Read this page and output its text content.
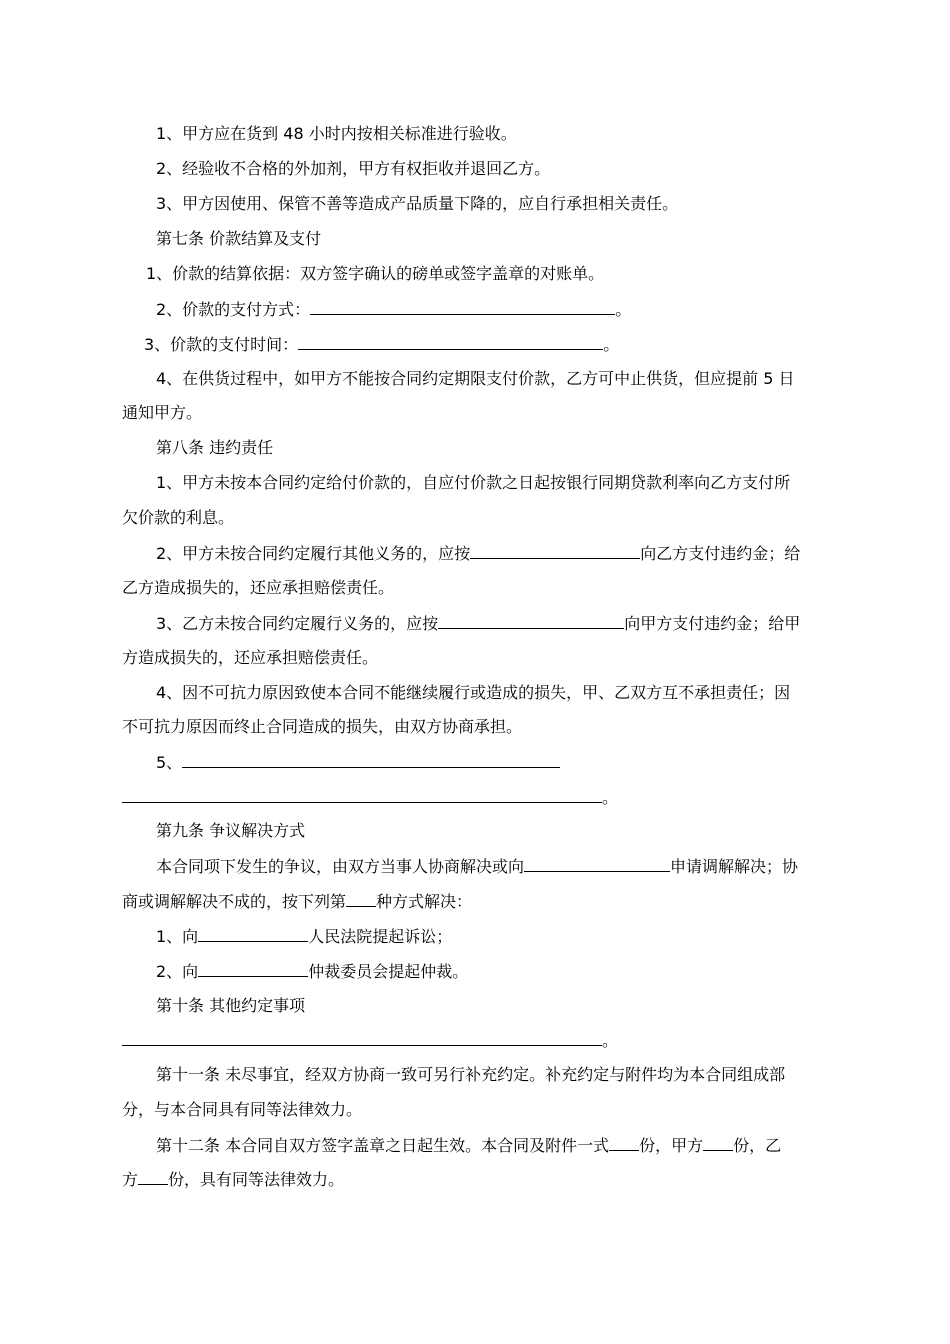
1、甲方应在货到 48 小时内按相关标准进行验收。
2、经验收不合格的外加剂，甲方有权拒收并退回乙方。
3、甲方因使用、保管不善等造成产品质量下降的，应自行承担相关责任。
第七条 价款结算及支付
1、价款的结算依据：双方签字确认的磅单或签字盖章的对账单。
2、价款的支付方式：	。
3、价款的支付时间：	。
4、在供货过程中，如甲方不能按合同约定期限支付价款，乙方可中止供货，但应提前 5 日
通知甲方。
第八条 违约责任
1、甲方未按本合同约定给付价款的，自应付价款之日起按银行同期贷款利率向乙方支付所
欠价款的利息。
2、甲方未按合同约定履行其他义务的，应按	向乙方支付违约金；给
乙方造成损失的，还应承担赔偿责任。
3、乙方未按合同约定履行义务的，应按	向甲方支付违约金；给甲
方造成损失的，还应承担赔偿责任。
4、因不可抗力原因致使本合同不能继续履行或造成的损失，甲、乙双方互不承担责任；因
不可抗力原因而终止合同造成的损失，由双方协商承担。
5、
。
第九条 争议解决方式
本合同项下发生的争议，由双方当事人协商解决或向	申请调解解决；协
商或调解解决不成的，按下列第 种方式解决：
1、向	人民法院提起诉讼；
2、向	仲裁委员会提起仲裁。
第十条 其他约定事项
。
第十一条 未尽事宜，经双方协商一致可另行补充约定。补充约定与附件均为本合同组成部
分，与本合同具有同等法律效力。
第十二条 本合同自双方签字盖章之日起生效。本合同及附件一式 份，甲方 份，乙
方 份，具有同等法律效力。
